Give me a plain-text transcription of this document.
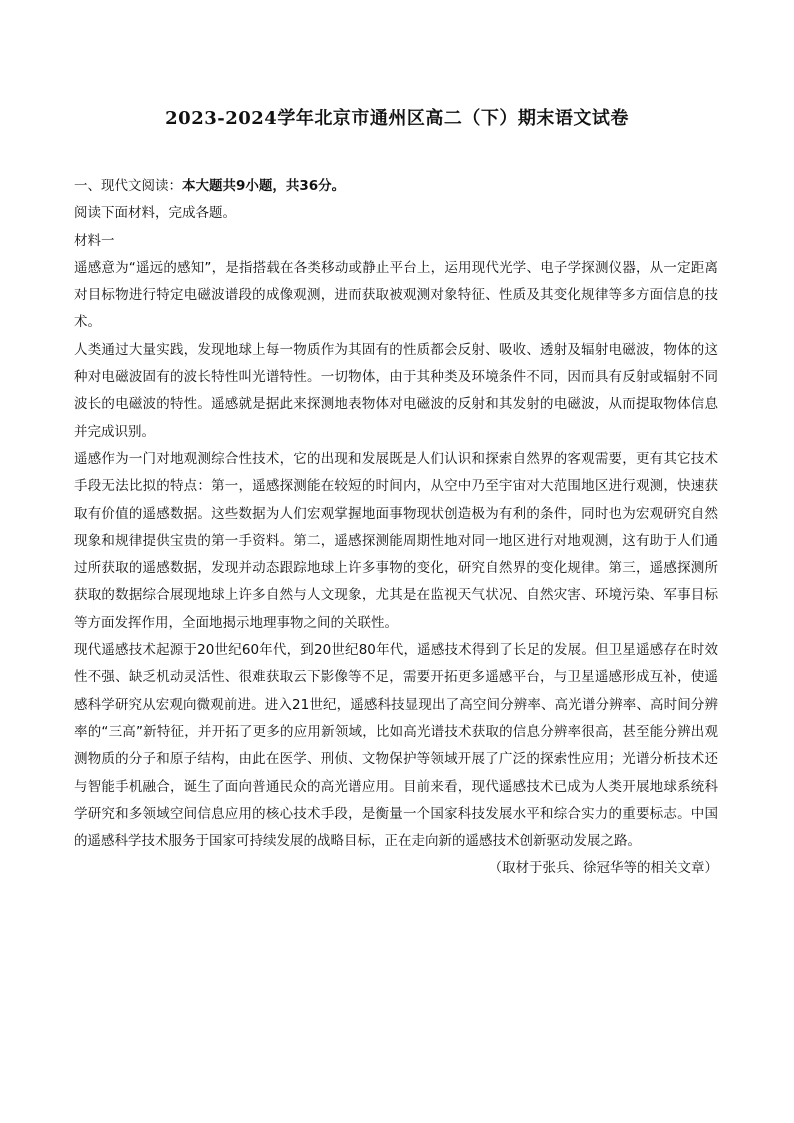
2023-2024学年北京市通州区高二（下）期末语文试卷

一、现代文阅读：本大题共9小题，共36分。

阅读下面材料，完成各题。

材料一

遥感意为“遥远的感知”，是指搭载在各类移动或静止平台上，运用现代光学、电子学探测仪器，从一定距离对目标物进行特定电磁波谱段的成像观测，进而获取被观测对象特征、性质及其变化规律等多方面信息的技术。

人类通过大量实践，发现地球上每一物质作为其固有的性质都会反射、吸收、透射及辐射电磁波，物体的这种对电磁波固有的波长特性叫光谱特性。一切物体，由于其种类及环境条件不同，因而具有反射或辐射不同波长的电磁波的特性。遥感就是据此来探测地表物体对电磁波的反射和其发射的电磁波，从而提取物体信息并完成识别。

遥感作为一门对地观测综合性技术，它的出现和发展既是人们认识和探索自然界的客观需要，更有其它技术手段无法比拟的特点：第一，遥感探测能在较短的时间内，从空中乃至宇宙对大范围地区进行观测，快速获取有价值的遥感数据。这些数据为人们宏观掌握地面事物现状创造极为有利的条件，同时也为宏观研究自然现象和规律提供宝贵的第一手资料。第二，遥感探测能周期性地对同一地区进行对地观测，这有助于人们通过所获取的遥感数据，发现并动态跟踪地球上许多事物的变化，研究自然界的变化规律。第三，遥感探测所获取的数据综合展现地球上许多自然与人文现象，尤其是在监视天气状况、自然灾害、环境污染、军事目标等方面发挥作用，全面地揭示地理事物之间的关联性。

现代遥感技术起源于20世纪60年代，到20世纪80年代，遥感技术得到了长足的发展。但卫星遥感存在时效性不强、缺乏机动灵活性、很难获取云下影像等不足，需要开拓更多遥感平台，与卫星遥感形成互补，使遥感科学研究从宏观向微观前进。进入21世纪，遥感科技显现出了高空间分辨率、高光谱分辨率、高时间分辨率的“三高”新特征，并开拓了更多的应用新领域，比如高光谱技术获取的信息分辨率很高，甚至能分辨出观测物质的分子和原子结构，由此在医学、刑侦、文物保护等领域开展了广泛的探索性应用；光谱分析技术还与智能手机融合，诞生了面向普通民众的高光谱应用。目前来看，现代遥感技术已成为人类开展地球系统科学研究和多领域空间信息应用的核心技术手段，是衡量一个国家科技发展水平和综合实力的重要标志。中国的遥感科学技术服务于国家可持续发展的战略目标，正在走向新的遥感技术创新驱动发展之路。

（取材于张兵、徐冠华等的相关文章）
